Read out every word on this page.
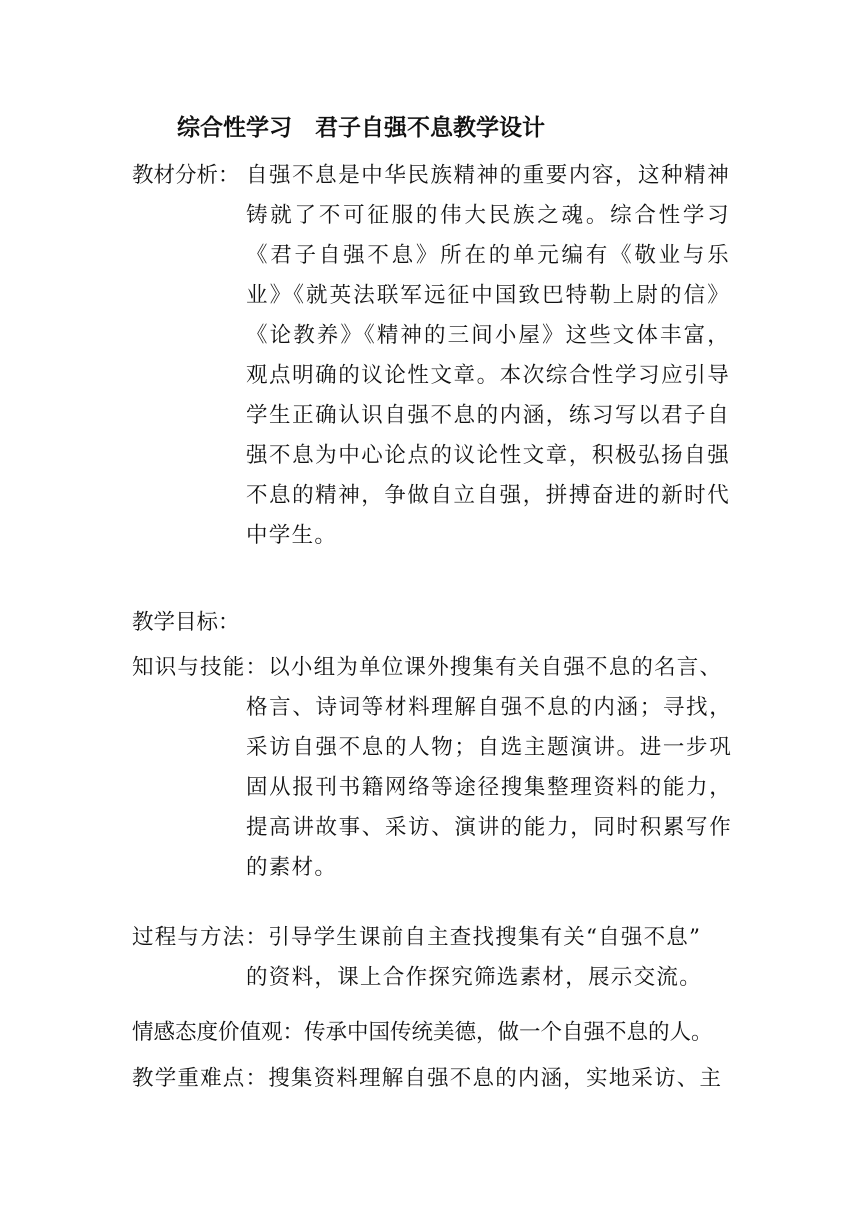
综合性学习　君子自强不息教学设计
教材分析： 自强不息是中华民族精神的重要内容，这种精神铸就了不可征服的伟大民族之魂。综合性学习《君子自强不息》所在的单元编有《敬业与乐业》《就英法联军远征中国致巴特勒上尉的信》《论教养》《精神的三间小屋》这些文体丰富，观点明确的议论性文章。本次综合性学习应引导学生正确认识自强不息的内涵，练习写以君子自强不息为中心论点的议论性文章，积极弘扬自强不息的精神，争做自立自强，拼搏奋进的新时代中学生。
教学目标：
知识与技能：以小组为单位课外搜集有关自强不息的名言、
格言、诗词等材料理解自强不息的内涵；寻找，采访自强不息的人物；自选主题演讲。进一步巩固从报刊书籍网络等途径搜集整理资料的能力，提高讲故事、采访、演讲的能力，同时积累写作的素材。
过程与方法：引导学生课前自主查找搜集有关“自强不息”
的资料，课上合作探究筛选素材，展示交流。
情感态度价值观：传承中国传统美德，做一个自强不息的人。
教学重难点：搜集资料理解自强不息的内涵，实地采访、主
